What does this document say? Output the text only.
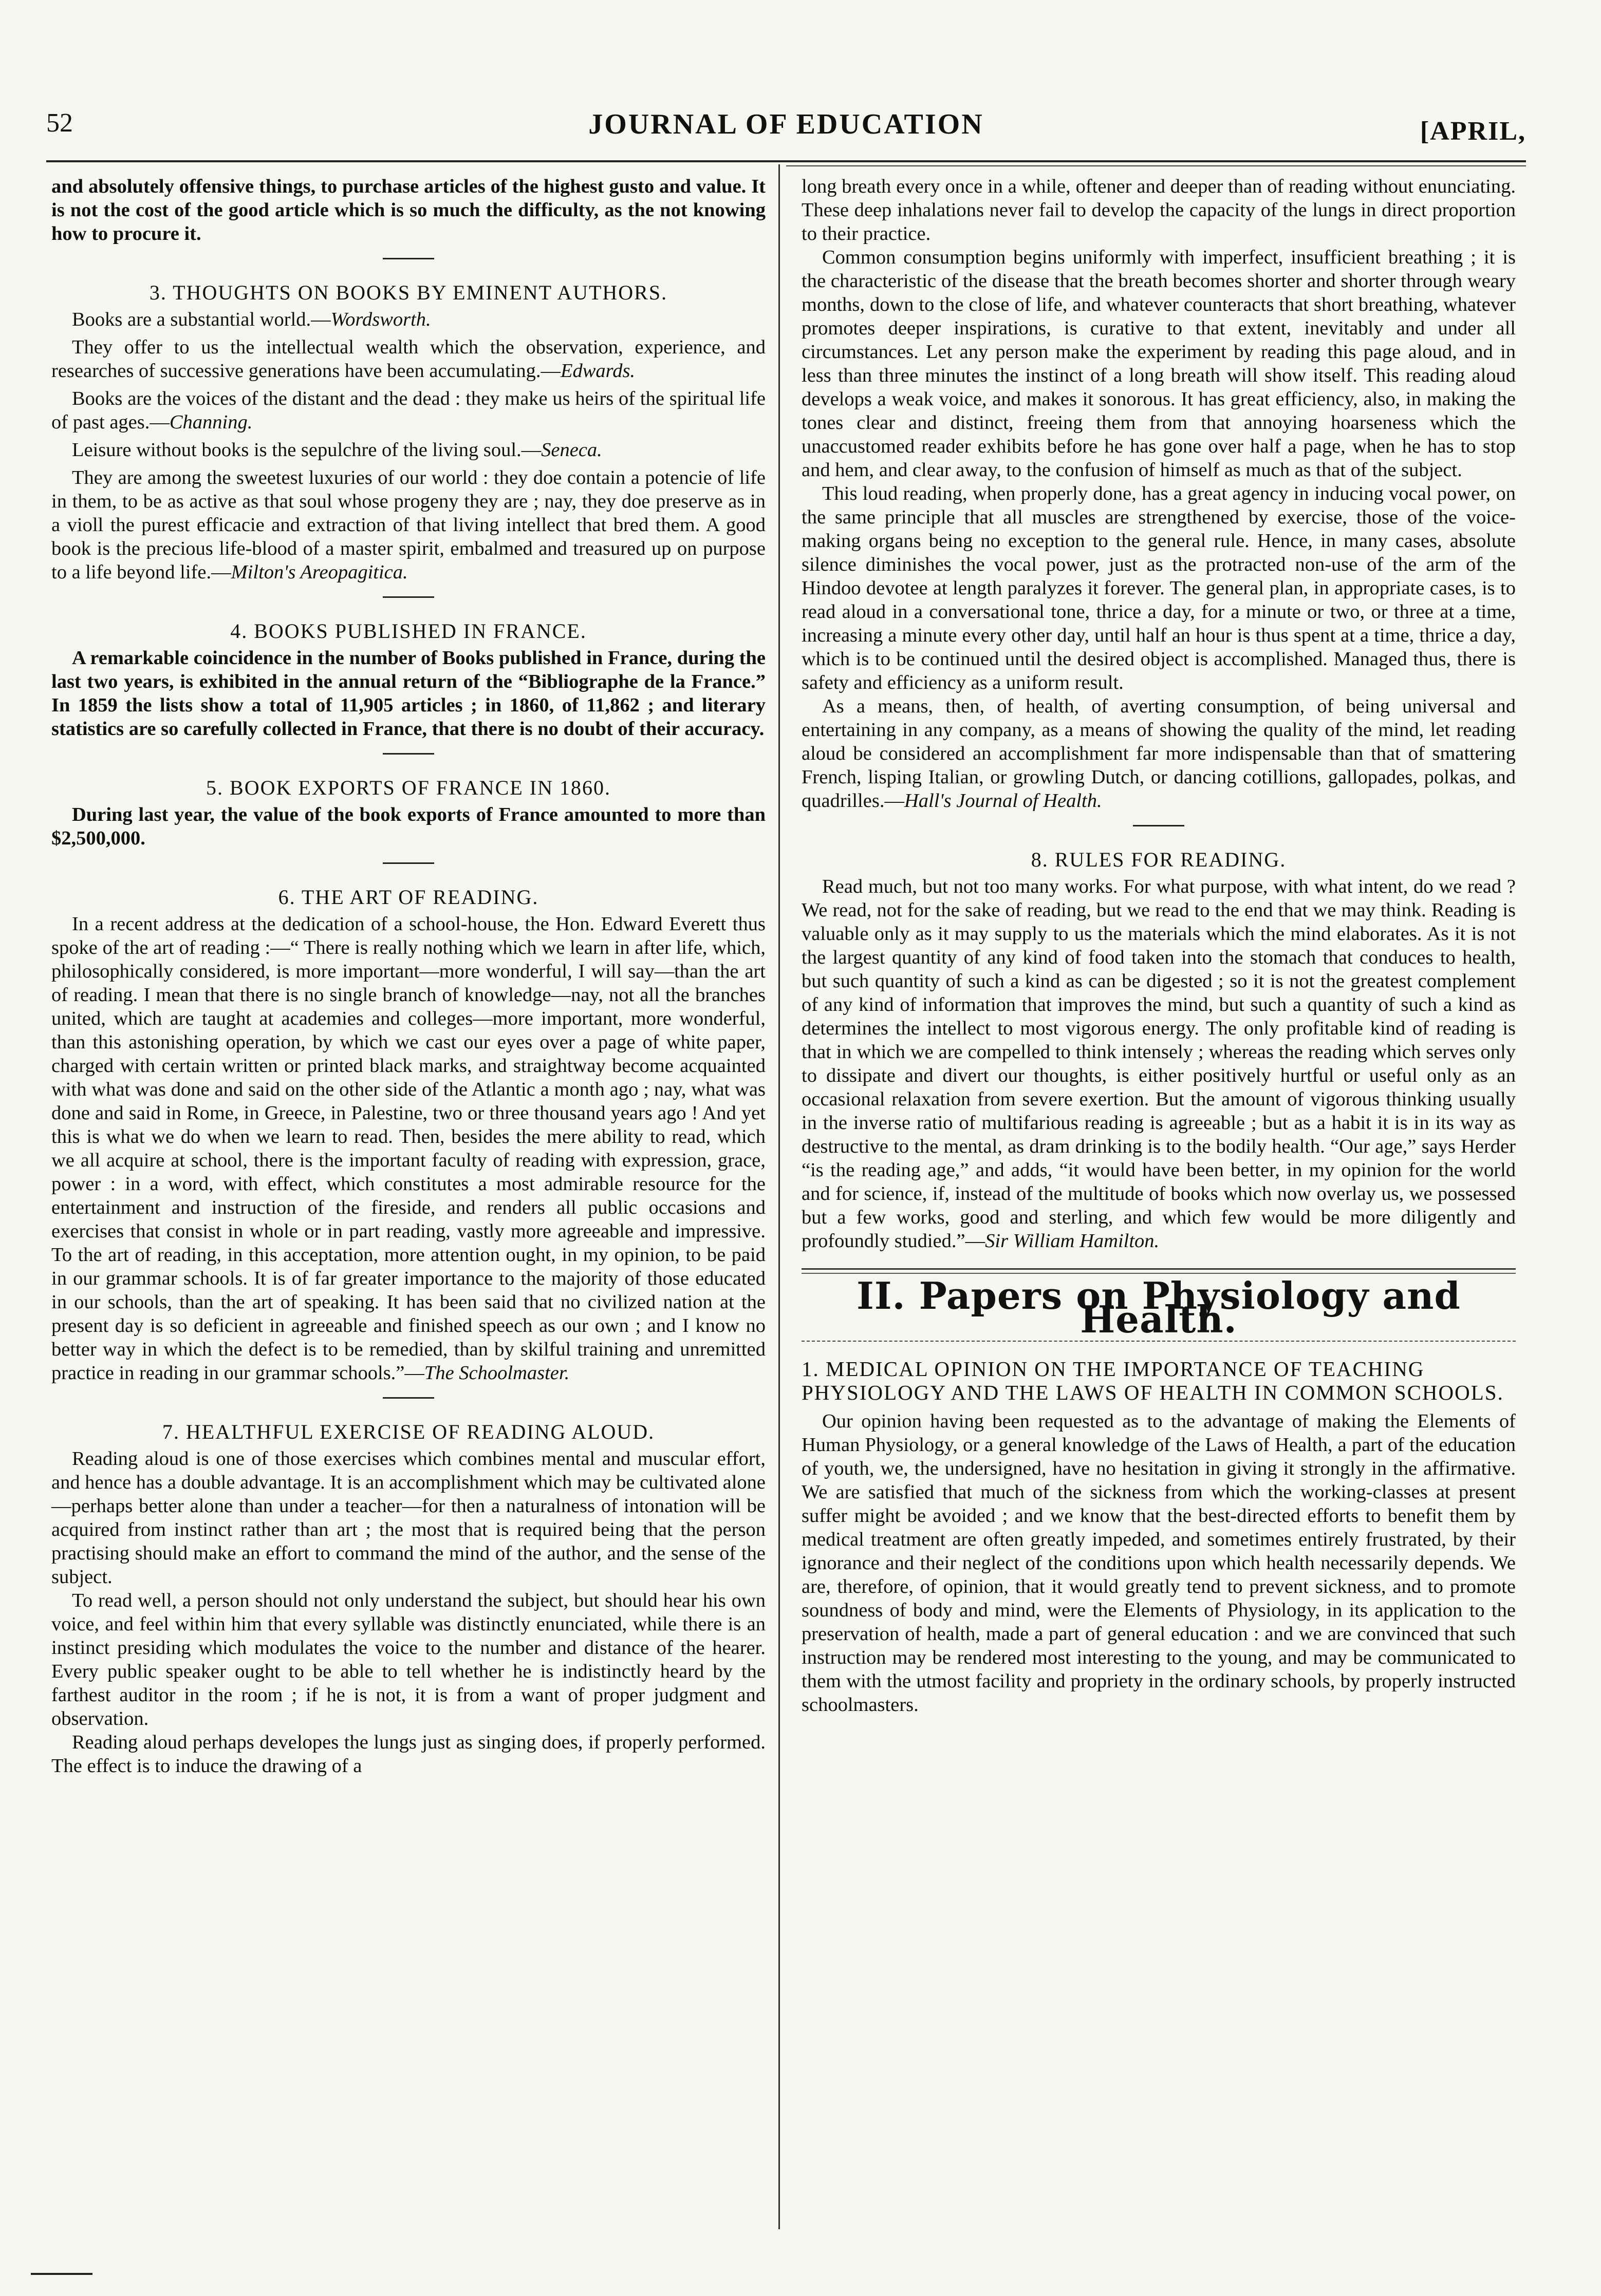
52	JOURNAL OF EDUCATION	[APRIL,

and absolutely offensive things, to purchase articles of the highest gusto and value. It is not the cost of the good article which is so much the difficulty, as the not knowing how to procure it.

3. THOUGHTS ON BOOKS BY EMINENT AUTHORS.

Books are a substantial world.—Wordsworth.

They offer to us the intellectual wealth which the observation, experience, and researches of successive generations have been accumulating.—Edwards.

Books are the voices of the distant and the dead : they make us heirs of the spiritual life of past ages.—Channing.

Leisure without books is the sepulchre of the living soul.—Seneca.

They are among the sweetest luxuries of our world : they doe contain a potencie of life in them, to be as active as that soul whose progeny they are ; nay, they doe preserve as in a violl the purest efficacie and extraction of that living intellect that bred them. A good book is the precious life-blood of a master spirit, embalmed and treasured up on purpose to a life beyond life.—Milton's Areopagitica.

4. BOOKS PUBLISHED IN FRANCE.

A remarkable coincidence in the number of Books published in France, during the last two years, is exhibited in the annual return of the “Bibliographe de la France.” In 1859 the lists show a total of 11,905 articles ; in 1860, of 11,862 ; and literary statistics are so carefully collected in France, that there is no doubt of their accuracy.

5. BOOK EXPORTS OF FRANCE IN 1860.

During last year, the value of the book exports of France amounted to more than $2,500,000.

6. THE ART OF READING.

In a recent address at the dedication of a school-house, the Hon. Edward Everett thus spoke of the art of reading :—“ There is really nothing which we learn in after life, which, philosophically considered, is more important—more wonderful, I will say—than the art of reading. I mean that there is no single branch of knowledge—nay, not all the branches united, which are taught at academies and colleges—more important, more wonderful, than this astonishing operation, by which we cast our eyes over a page of white paper, charged with certain written or printed black marks, and straightway become acquainted with what was done and said on the other side of the Atlantic a month ago ; nay, what was done and said in Rome, in Greece, in Palestine, two or three thousand years ago ! And yet this is what we do when we learn to read. Then, besides the mere ability to read, which we all acquire at school, there is the important faculty of reading with expression, grace, power : in a word, with effect, which constitutes a most admirable resource for the entertainment and instruction of the fireside, and renders all public occasions and exercises that consist in whole or in part reading, vastly more agreeable and impressive. To the art of reading, in this acceptation, more attention ought, in my opinion, to be paid in our grammar schools. It is of far greater importance to the majority of those educated in our schools, than the art of speaking. It has been said that no civilized nation at the present day is so deficient in agreeable and finished speech as our own ; and I know no better way in which the defect is to be remedied, than by skilful training and unremitted practice in reading in our grammar schools.”—The Schoolmaster.

7. HEALTHFUL EXERCISE OF READING ALOUD.

Reading aloud is one of those exercises which combines mental and muscular effort, and hence has a double advantage. It is an accomplishment which may be cultivated alone—perhaps better alone than under a teacher—for then a naturalness of intonation will be acquired from instinct rather than art ; the most that is required being that the person practising should make an effort to command the mind of the author, and the sense of the subject.

To read well, a person should not only understand the subject, but should hear his own voice, and feel within him that every syllable was distinctly enunciated, while there is an instinct presiding which modulates the voice to the number and distance of the hearer. Every public speaker ought to be able to tell whether he is indistinctly heard by the farthest auditor in the room ; if he is not, it is from a want of proper judgment and observation.

Reading aloud perhaps developes the lungs just as singing does, if properly performed. The effect is to induce the drawing of a

long breath every once in a while, oftener and deeper than of reading without enunciating. These deep inhalations never fail to develop the capacity of the lungs in direct proportion to their practice.

Common consumption begins uniformly with imperfect, insufficient breathing ; it is the characteristic of the disease that the breath becomes shorter and shorter through weary months, down to the close of life, and whatever counteracts that short breathing, whatever promotes deeper inspirations, is curative to that extent, inevitably and under all circumstances. Let any person make the experiment by reading this page aloud, and in less than three minutes the instinct of a long breath will show itself. This reading aloud develops a weak voice, and makes it sonorous. It has great efficiency, also, in making the tones clear and distinct, freeing them from that annoying hoarseness which the unaccustomed reader exhibits before he has gone over half a page, when he has to stop and hem, and clear away, to the confusion of himself as much as that of the subject.

This loud reading, when properly done, has a great agency in inducing vocal power, on the same principle that all muscles are strengthened by exercise, those of the voice-making organs being no exception to the general rule. Hence, in many cases, absolute silence diminishes the vocal power, just as the protracted non-use of the arm of the Hindoo devotee at length paralyzes it forever. The general plan, in appropriate cases, is to read aloud in a conversational tone, thrice a day, for a minute or two, or three at a time, increasing a minute every other day, until half an hour is thus spent at a time, thrice a day, which is to be continued until the desired object is accomplished. Managed thus, there is safety and efficiency as a uniform result.

As a means, then, of health, of averting consumption, of being universal and entertaining in any company, as a means of showing the quality of the mind, let reading aloud be considered an accomplishment far more indispensable than that of smattering French, lisping Italian, or growling Dutch, or dancing cotillions, gallopades, polkas, and quadrilles.—Hall's Journal of Health.

8. RULES FOR READING.

Read much, but not too many works. For what purpose, with what intent, do we read ? We read, not for the sake of reading, but we read to the end that we may think. Reading is valuable only as it may supply to us the materials which the mind elaborates. As it is not the largest quantity of any kind of food taken into the stomach that conduces to health, but such quantity of such a kind as can be digested ; so it is not the greatest complement of any kind of information that improves the mind, but such a quantity of such a kind as determines the intellect to most vigorous energy. The only profitable kind of reading is that in which we are compelled to think intensely ; whereas the reading which serves only to dissipate and divert our thoughts, is either positively hurtful or useful only as an occasional relaxation from severe exertion. But the amount of vigorous thinking usually in the inverse ratio of multifarious reading is agreeable ; but as a habit it is in its way as destructive to the mental, as dram drinking is to the bodily health. “Our age,” says Herder “is the reading age,” and adds, “it would have been better, in my opinion for the world and for science, if, instead of the multitude of books which now overlay us, we possessed but a few works, good and sterling, and which few would be more diligently and profoundly studied.”—Sir William Hamilton.

II. Papers on Physiology and Health.
1. MEDICAL OPINION ON THE IMPORTANCE OF TEACHING PHYSIOLOGY AND THE LAWS OF HEALTH IN COMMON SCHOOLS.

Our opinion having been requested as to the advantage of making the Elements of Human Physiology, or a general knowledge of the Laws of Health, a part of the education of youth, we, the undersigned, have no hesitation in giving it strongly in the affirmative. We are satisfied that much of the sickness from which the working-classes at present suffer might be avoided ; and we know that the best-directed efforts to benefit them by medical treatment are often greatly impeded, and sometimes entirely frustrated, by their ignorance and their neglect of the conditions upon which health necessarily depends. We are, therefore, of opinion, that it would greatly tend to prevent sickness, and to promote soundness of body and mind, were the Elements of Physiology, in its application to the preservation of health, made a part of general education : and we are convinced that such instruction may be rendered most interesting to the young, and may be communicated to them with the utmost facility and propriety in the ordinary schools, by properly instructed schoolmasters.
